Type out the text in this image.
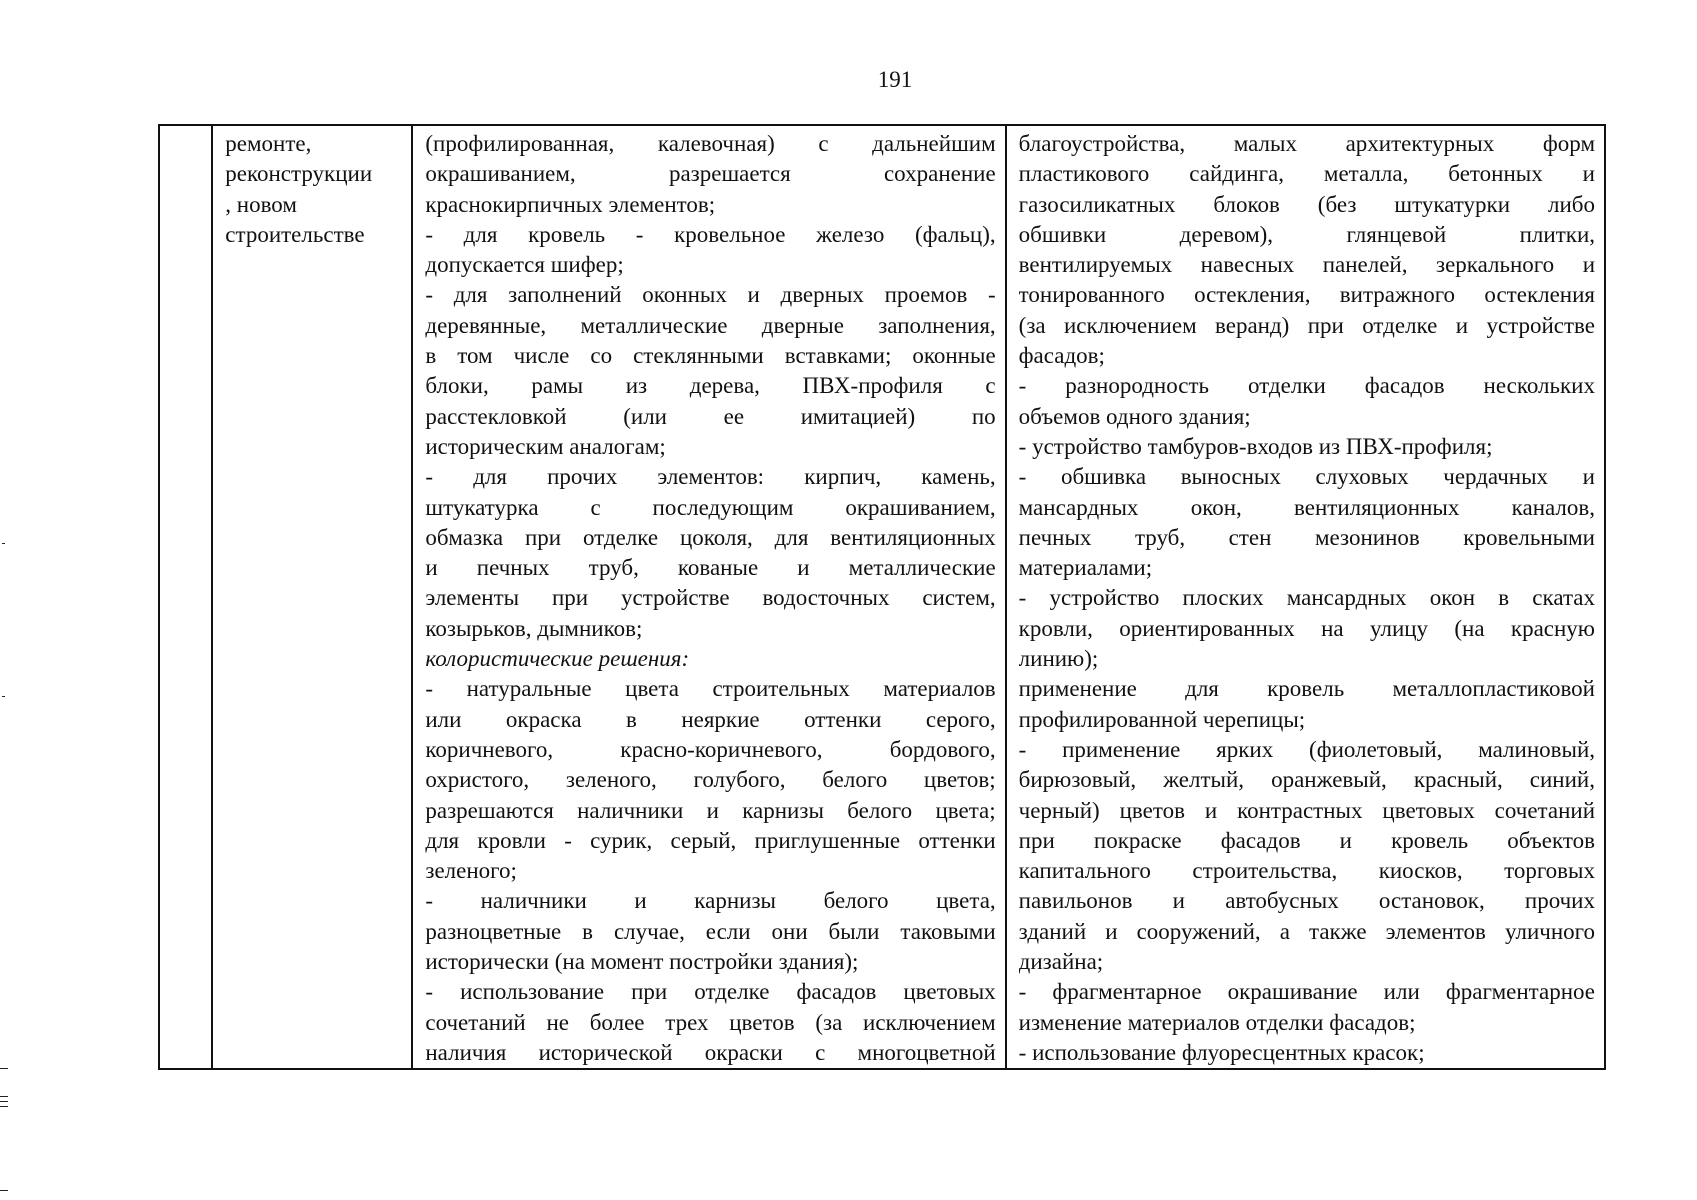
191

ремонте,
реконструкции
, новом
строительстве

(профилированная, калевочная) с дальнейшим
окрашиванием, разрешается сохранение
краснокирпичных элементов;
- для кровель - кровельное железо (фальц),
допускается шифер;
- для заполнений оконных и дверных проемов -
деревянные, металлические дверные заполнения,
в том числе со стеклянными вставками; оконные
блоки, рамы из дерева, ПВХ-профиля с
расстекловкой (или ее имитацией) по
историческим аналогам;
- для прочих элементов: кирпич, камень,
штукатурка с последующим окрашиванием,
обмазка при отделке цоколя, для вентиляционных
и печных труб, кованые и металлические
элементы при устройстве водосточных систем,
козырьков, дымников;
колористические решения:
- натуральные цвета строительных материалов
или окраска в неяркие оттенки серого,
коричневого, красно-коричневого, бордового,
охристого, зеленого, голубого, белого цветов;
разрешаются наличники и карнизы белого цвета;
для кровли - сурик, серый, приглушенные оттенки
зеленого;
- наличники и карнизы белого цвета,
разноцветные в случае, если они были таковыми
исторически (на момент постройки здания);
- использование при отделке фасадов цветовых
сочетаний не более трех цветов (за исключением
наличия исторической окраски с многоцветной

благоустройства, малых архитектурных форм
пластикового сайдинга, металла, бетонных и
газосиликатных блоков (без штукатурки либо
обшивки деревом), глянцевой плитки,
вентилируемых навесных панелей, зеркального и
тонированного остекления, витражного остекления
(за исключением веранд) при отделке и устройстве
фасадов;
- разнородность отделки фасадов нескольких
объемов одного здания;
- устройство тамбуров-входов из ПВХ-профиля;
- обшивка выносных слуховых чердачных и
мансардных окон, вентиляционных каналов,
печных труб, стен мезонинов кровельными
материалами;
- устройство плоских мансардных окон в скатах
кровли, ориентированных на улицу (на красную
линию);
применение для кровель металлопластиковой
профилированной черепицы;
- применение ярких (фиолетовый, малиновый,
бирюзовый, желтый, оранжевый, красный, синий,
черный) цветов и контрастных цветовых сочетаний
при покраске фасадов и кровель объектов
капитального строительства, киосков, торговых
павильонов и автобусных остановок, прочих
зданий и сооружений, а также элементов уличного
дизайна;
- фрагментарное окрашивание или фрагментарное
изменение материалов отделки фасадов;
- использование флуоресцентных красок;
